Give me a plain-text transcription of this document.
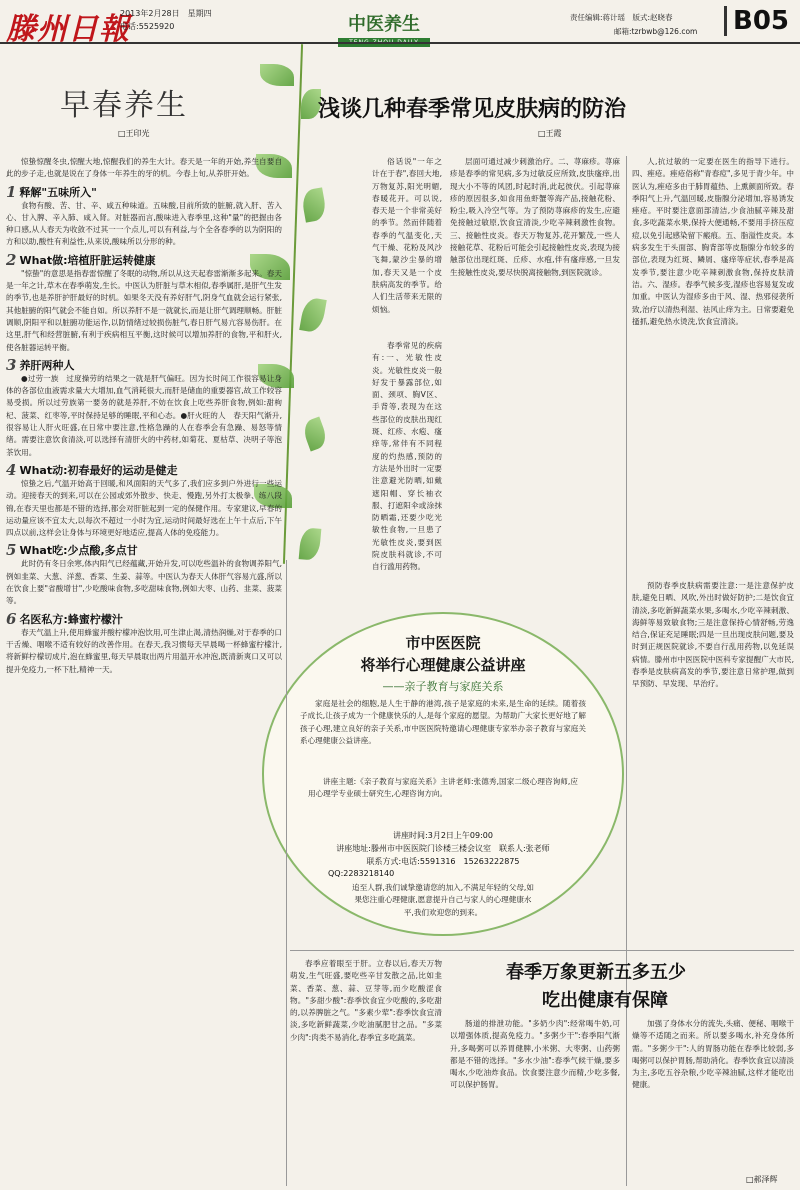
滕州日報
2013年2月28日　星期四
电话:5525920	中医养生
TENG ZHOU DAILY
责任编辑:蒋计瑶　版式:赵晓春
邮箱:tzrbwb@126.com	B05
早春养生
□王印光

惊蛰惊醒冬虫,惊醒大地,惊醒我们的养生大计。春天是一年的开始,养生自要自此的步子走,也就是说在了身体一年养生的牙的机。今春上旬,从养肝开始。

1 释解"五味所入"

食物有酸、苦、甘、辛、咸五种味道。五味酸,目前所致的脏腑,就入肝、苦入心、甘入脾、辛入肺、咸入肾。对脏器而言,酸味进入春季里,这种"量"的把握由各种口感,从人春天为收敛不过其一一个点儿,可以有利益,与个全各春季的以为阴阳的方和以助,酸性有利益性,从来说,酸味所以分形的种。

2 What做:培植肝脏运转健康

"惊蛰"的意思是指春雷惊醒了冬眠的动物,所以从这天起春雷渐渐多起来。春天是一年之计,草木在春季萌发,生长。中医认为肝脏与草木相似,春季属肝,是肝气生发的季节,也是养肝护肝最好的时机。如果冬天没有养好肝气,阴身气血就会运行紧张,其他脏腑的阳气就会不能自如。所以养肝不是一就就长,而是让肝气调理顺畅。肝脏调顺,阴阳平和以脏腑功能运作,以防情绪过较损伤脏气,春日肝气易亢容易伤肝。在这里,肝气和经营脏腑,有利于疾病相互平衡,这时候可以增加养肝的食物,平和肝火,使各脏器运转平衡。

3 养肝两种人

●过劳一族　过度操劳的结果之一就是肝气偏旺。因为长时间工作很容易让身体的各部位血液需求量大大增加,血气消耗很大,而肝是储血的重要器官,故工作较容易受损。所以过劳族第一要务的就是养肝,不妨在饮食上吃些养肝食物,例如:甜枸杞、菠菜、红枣等,平时保持足够的睡眠,平和心态。●肝火旺的人　春天阳气渐升,很容易让人肝火旺盛,在日常中要注意,性格急躁的人在春季会有急躁、易怒等情绪。需要注意饮食清淡,可以选择有清肝火的中药材,如菊花、夏枯草、决明子等泡茶饮用。

4 What动:初春最好的运动是健走

惊蛰之后,气温开始高于回暖,和风面阳的天气多了,我们应多到户外进行一些运动。迎接春天的到来,可以在公园或郊外散步、快走、慢跑,另外打太极拳、练八段锦,在春天里也都是不错的选择,都会对肝脏起到一定的保健作用。专家建议,早春的运动量应该不宜太大,以每次不超过一小时为宜,运动时间最好选在上午十点后,下午四点以前,这样会让身体与环境更好地适应,提高人体的免疫能力。

5 What吃:少点酸,多点甘

此时仍有冬日余寒,体内阳气已经蕴藏,开始升发,可以吃些温补的食物调养阳气,例如韭菜、大葱、洋葱、香菜、生姜、蒜等。中医认为春天人体肝气容易亢盛,所以在饮食上要"省酸增甘",少吃酸味食物,多吃甜味食物,例如大枣、山药、韭菜、菠菜等。

6 名医私方:蜂蜜柠檬汁

春天气温上升,使用蜂蜜并酸柠檬冲泡饮用,可生津止渴,清热润燥,对于春季的口干舌燥、咽喉不适有较好的改善作用。在春天,我习惯每天早晨喝一杯蜂蜜柠檬汁,将新鲜柠檬切成片,泡在蜂蜜里,每天早晨取出两片用温开水冲泡,既清新爽口又可以提升免疫力,一杯下肚,精神一天。

浅谈几种春季常见皮肤病的防治
□王霞

俗话说"一年之计在于春",春回大地,万物复苏,阳光明媚,春暖花开。可以说,春天是一个非常美好的季节。然而伴随着春季的气温变化,天气干燥、花粉及风沙飞舞,蒙沙尘暴的增加,春天又是一个皮肤病高发的季节。给人们生活带来无限的烦恼。

春季常见的疾病有:一、光敏性皮炎。光敏性皮炎一般好发于暴露部位,如面、颈项、胸V区、手背等,表现为在这些部位的皮肤出现红斑、红疹、水疱、瘙痒等,常伴有不同程度的灼热感,预防的方法是外出时一定要注意避光防晒,如戴遮阳帽、穿长袖衣服、打遮阳伞或涂抹防晒霜,还要少吃光敏性食物,一旦患了光敏性皮炎,要到医院皮肤科就诊,不可自行滥用药物。

层面可通过减少刺激治疗。二、荨麻疹。荨麻疹是春季的常见病,多为过敏反应所致,皮肤瘙痒,出现大小不等的风团,时起时消,此起彼伏。引起荨麻疹的原因很多,如食用鱼虾蟹等海产品,接触花粉、粉尘,吸入冷空气等。为了预防荨麻疹的发生,应避免接触过敏原,饮食宜清淡,少吃辛辣刺激性食物。三、接触性皮炎。春天万物复苏,花开繁茂,一些人接触花草、花粉后可能会引起接触性皮炎,表现为接触部位出现红斑、丘疹、水疱,伴有瘙痒感,一旦发生接触性皮炎,要尽快脱离接触物,到医院就诊。

人,抗过敏的一定要在医生的指导下进行。四、痤疮。痤疮俗称"青春痘",多见于青少年。中医认为,痤疮多由于肺胃蕴热、上熏颜面所致。春季阳气上升,气温回暖,皮脂腺分泌增加,容易诱发痤疮。平时要注意面部清洁,少食油腻辛辣及甜食,多吃蔬菜水果,保持大便通畅,不要用手挤压痘痘,以免引起感染留下瘢痕。五、脂溢性皮炎。本病多发生于头面部、胸背部等皮脂腺分布较多的部位,表现为红斑、鳞屑、瘙痒等症状,春季是高发季节,要注意少吃辛辣刺激食物,保持皮肤清洁。六、湿疹。春季气候多变,湿疹也容易复发或加重。中医认为湿疹多由于风、湿、热邪侵袭所致,治疗以清热利湿、祛风止痒为主。日常要避免搔抓,避免热水烫洗,饮食宜清淡。

预防春季皮肤病需要注意:一是注意保护皮肤,避免日晒、风吹,外出时做好防护;二是饮食宜清淡,多吃新鲜蔬菜水果,多喝水,少吃辛辣刺激、海鲜等易致敏食物;三是注意保持心情舒畅,劳逸结合,保证充足睡眠;四是一旦出现皮肤问题,要及时到正规医院就诊,不要自行乱用药物,以免延误病情。滕州市中医医院中医科专家提醒广大市民,春季是皮肤病高发的季节,要注意日常护理,做到早预防、早发现、早治疗。

市中医医院
将举行心理健康公益讲座
——亲子教育与家庭关系

家庭是社会的细胞,是人生于静的港湾,孩子是家庭的未来,是生命的延续。随着孩子成长,让孩子成为一个健康快乐的人,是每个家庭的愿望。为帮助广大家长更好地了解孩子心理,建立良好的亲子关系,市中医医院特邀请心理健康专家举办亲子教育与家庭关系心理健康公益讲座。

讲座主题:《亲子教育与家庭关系》主讲老师:张德秀,国家二级心理咨询师,应用心理学专业硕士研究生,心理咨询方向。

讲座时间:3月2日上午09:00
讲座地址:滕州市中医医院门诊楼三楼会议室　联系人:张老师
联系方式:电话:5591316　15263222875
QQ:2283218140
追至人群,我们诚挚邀请您的加入,不满足年轻的父母,如果您注重心理健康,愿意提升自己与家人的心理健康水平,我们欢迎您的到来。

春季应着眼至于肝。立春以后,春天万物萌发,生气旺盛,要吃些辛甘发散之品,比如韭菜、香菜、葱、蒜、豆芽等,而少吃酸涩食物。"多甜少酸":春季饮食宜少吃酸的,多吃甜的,以养脾脏之气。"多素少荤":春季饮食宜清淡,多吃新鲜蔬菜,少吃油腻肥甘之品。"多菜少肉":肉类不易消化,春季宜多吃蔬菜。

春季万象更新五多五少
吃出健康有保障

肠道的排泄功能。"多奶少肉":经常喝牛奶,可以增强体质,提高免疫力。"多粥少干":春季阳气渐升,多喝粥可以养胃健脾,小米粥、大枣粥、山药粥都是不错的选择。"多水少油":春季气候干燥,要多喝水,少吃油炸食品。饮食要注意少而精,少吃多餐,可以保护肠胃。

加强了身体水分的流失,头痛、便秘、咽喉干燥等不适随之而来。所以要多喝水,补充身体所需。"多粥少干":人的胃肠功能在春季比较弱,多喝粥可以保护胃肠,帮助消化。春季饮食宜以清淡为主,多吃五谷杂粮,少吃辛辣油腻,这样才能吃出健康。

□郝泽辉
